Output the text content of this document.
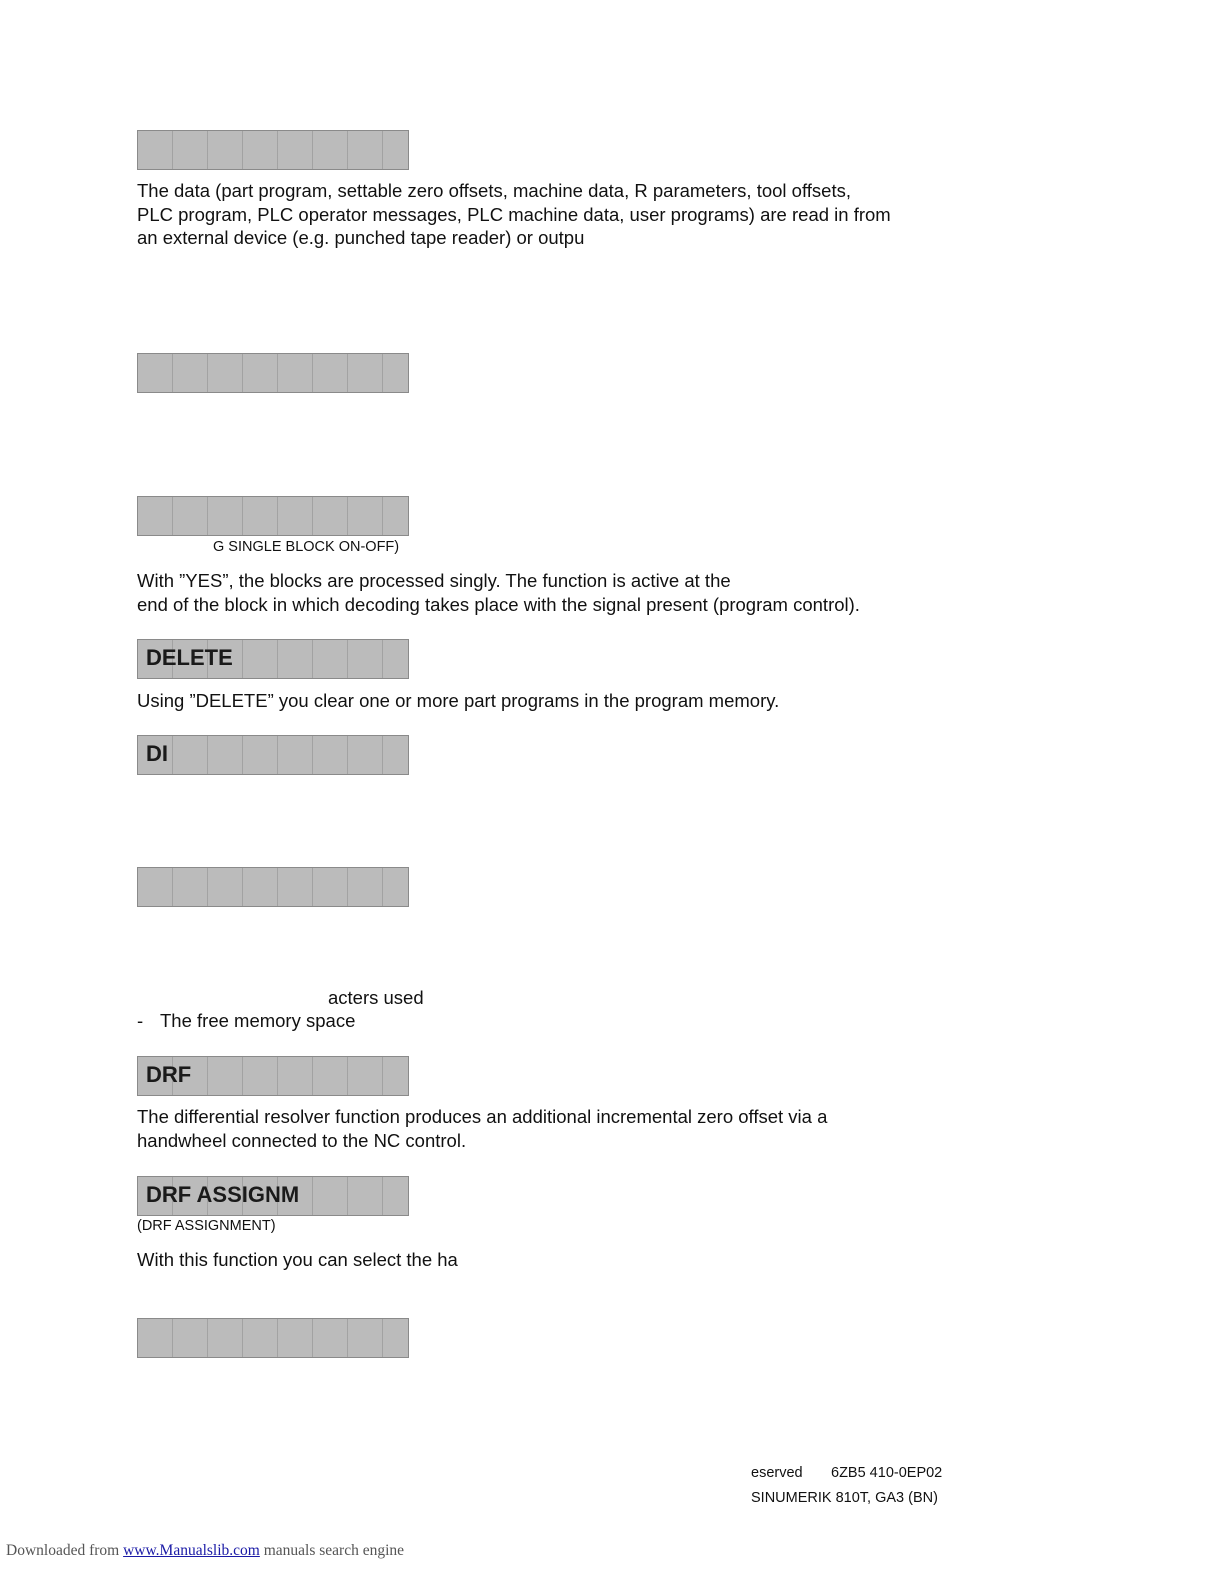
The data (part program, settable zero offsets, machine data, R parameters, tool offsets,
PLC program, PLC operator messages, PLC machine data, user programs) are read in from
an external device (e.g. punched tape reader) or outpu
G SINGLE BLOCK ON-OFF)
With ”YES”, the blocks are processed singly. The function is active at the
end of the block in which decoding takes place with the signal present (program control).
DELETE
Using ”DELETE” you clear one or more part programs in the program memory.
DI
acters used
- The free memory space
DRF
The differential resolver function produces an additional incremental zero offset via a
handwheel connected to the NC control.
DRF ASSIGNM
(DRF ASSIGNMENT)
With this function you can select the ha
eserved 6ZB5 410-0EP02
SINUMERIK 810T, GA3 (BN)
Downloaded from www.Manualslib.com manuals search engine
